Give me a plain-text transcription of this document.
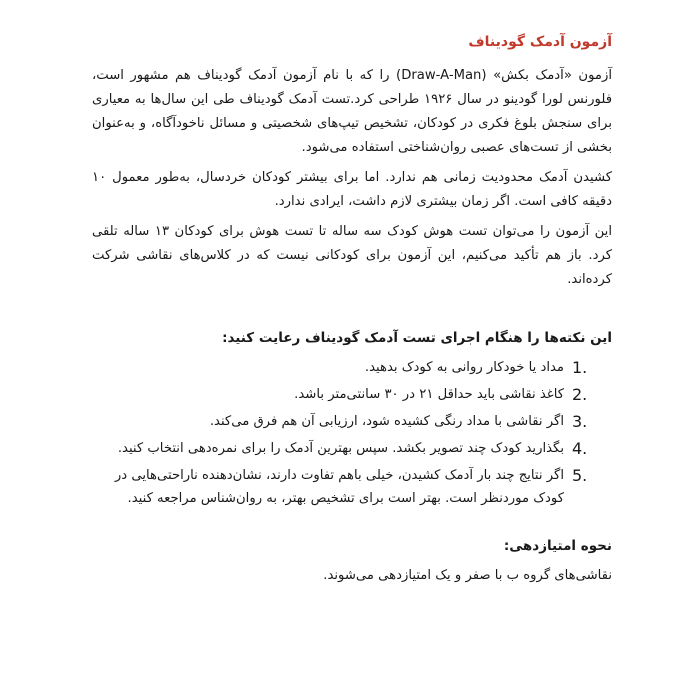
آزمون آدمک گودیناف

آزمون «آدمک بکش» (Draw-A-Man) را که با نام آزمون آدمک گودیناف هم مشهور است، فلورنس لورا گودینو در سال ۱۹۲۶ طراحی کرد.تست آدمک گودیناف طی این سال‌ها به معیاری برای سنجش بلوغ فکری در کودکان، تشخیص تیپ‌های شخصیتی و مسائل ناخودآگاه، و به‌عنوان بخشی از تست‌های عصبی روان‌شناختی استفاده می‌شود.

کشیدن آدمک محدودیت زمانی هم ندارد. اما برای بیشتر کودکان خردسال، به‌طور معمول ۱۰ دقیقه کافی است. اگر زمان بیشتری لازم داشت، ایرادی ندارد.

این آزمون را می‌توان تست هوش کودک سه ساله تا تست هوش برای کودکان ۱۳ ساله تلقی کرد. باز هم تأکید می‌کنیم، این آزمون برای کودکانی نیست که در کلاس‌های نقاشی شرکت کرده‌اند.

این نکته‌ها را هنگام اجرای تست آدمک گودیناف رعایت کنید:
1.
مداد یا خودکار روانی به کودک بدهید.
2.
کاغذ نقاشی باید حداقل ۲۱ در ۳۰ سانتی‌متر باشد.
3.
اگر نقاشی با مداد رنگی کشیده شود، ارزیابی آن هم فرق می‌کند.
4.
بگذارید کودک چند تصویر بکشد. سپس بهترین آدمک را برای نمره‌دهی انتخاب کنید.
5.
اگر نتایج چند بار آدمک کشیدن، خیلی باهم تفاوت دارند، نشان‌دهنده ناراحتی‌هایی در کودک موردنظر است. بهتر است برای تشخیص بهتر، به روان‌شناس مراجعه کنید.
نحوه امتیازدهی:

نقاشی‌های گروه ب با صفر و یک امتیازدهی می‌شوند.
